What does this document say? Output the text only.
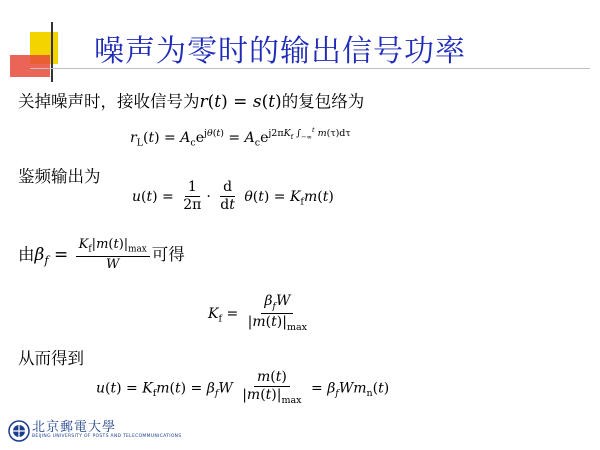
噪声为零时的输出信号功率
关掉噪声时，接收信号为r(t) = s(t)的复包络为
$r_L(t) = A_ce^{j\theta(t)} = A_ce^{j2\pi K_f \int_{-\infty}^t m(\tau)d\tau}$
鉴频输出为
$u(t) = \frac{1}{2\pi} \cdot \frac{d}{dt} \theta(t) = K_fm(t)$
由$\beta_f = \frac{K_f|m(t)|_{max}}{W}$ 可得
$K_f = \frac{\beta_fW}{|m(t)|_{max}}$
从而得到
$u(t) = K_fm(t) = \beta_fW \frac{m(t)}{|m(t)|_{max}} = \beta_fWm_n(t)$
北京郵電大學
BEIJING UNIVERSITY OF POSTS AND TELECOMMUNICATIONS
